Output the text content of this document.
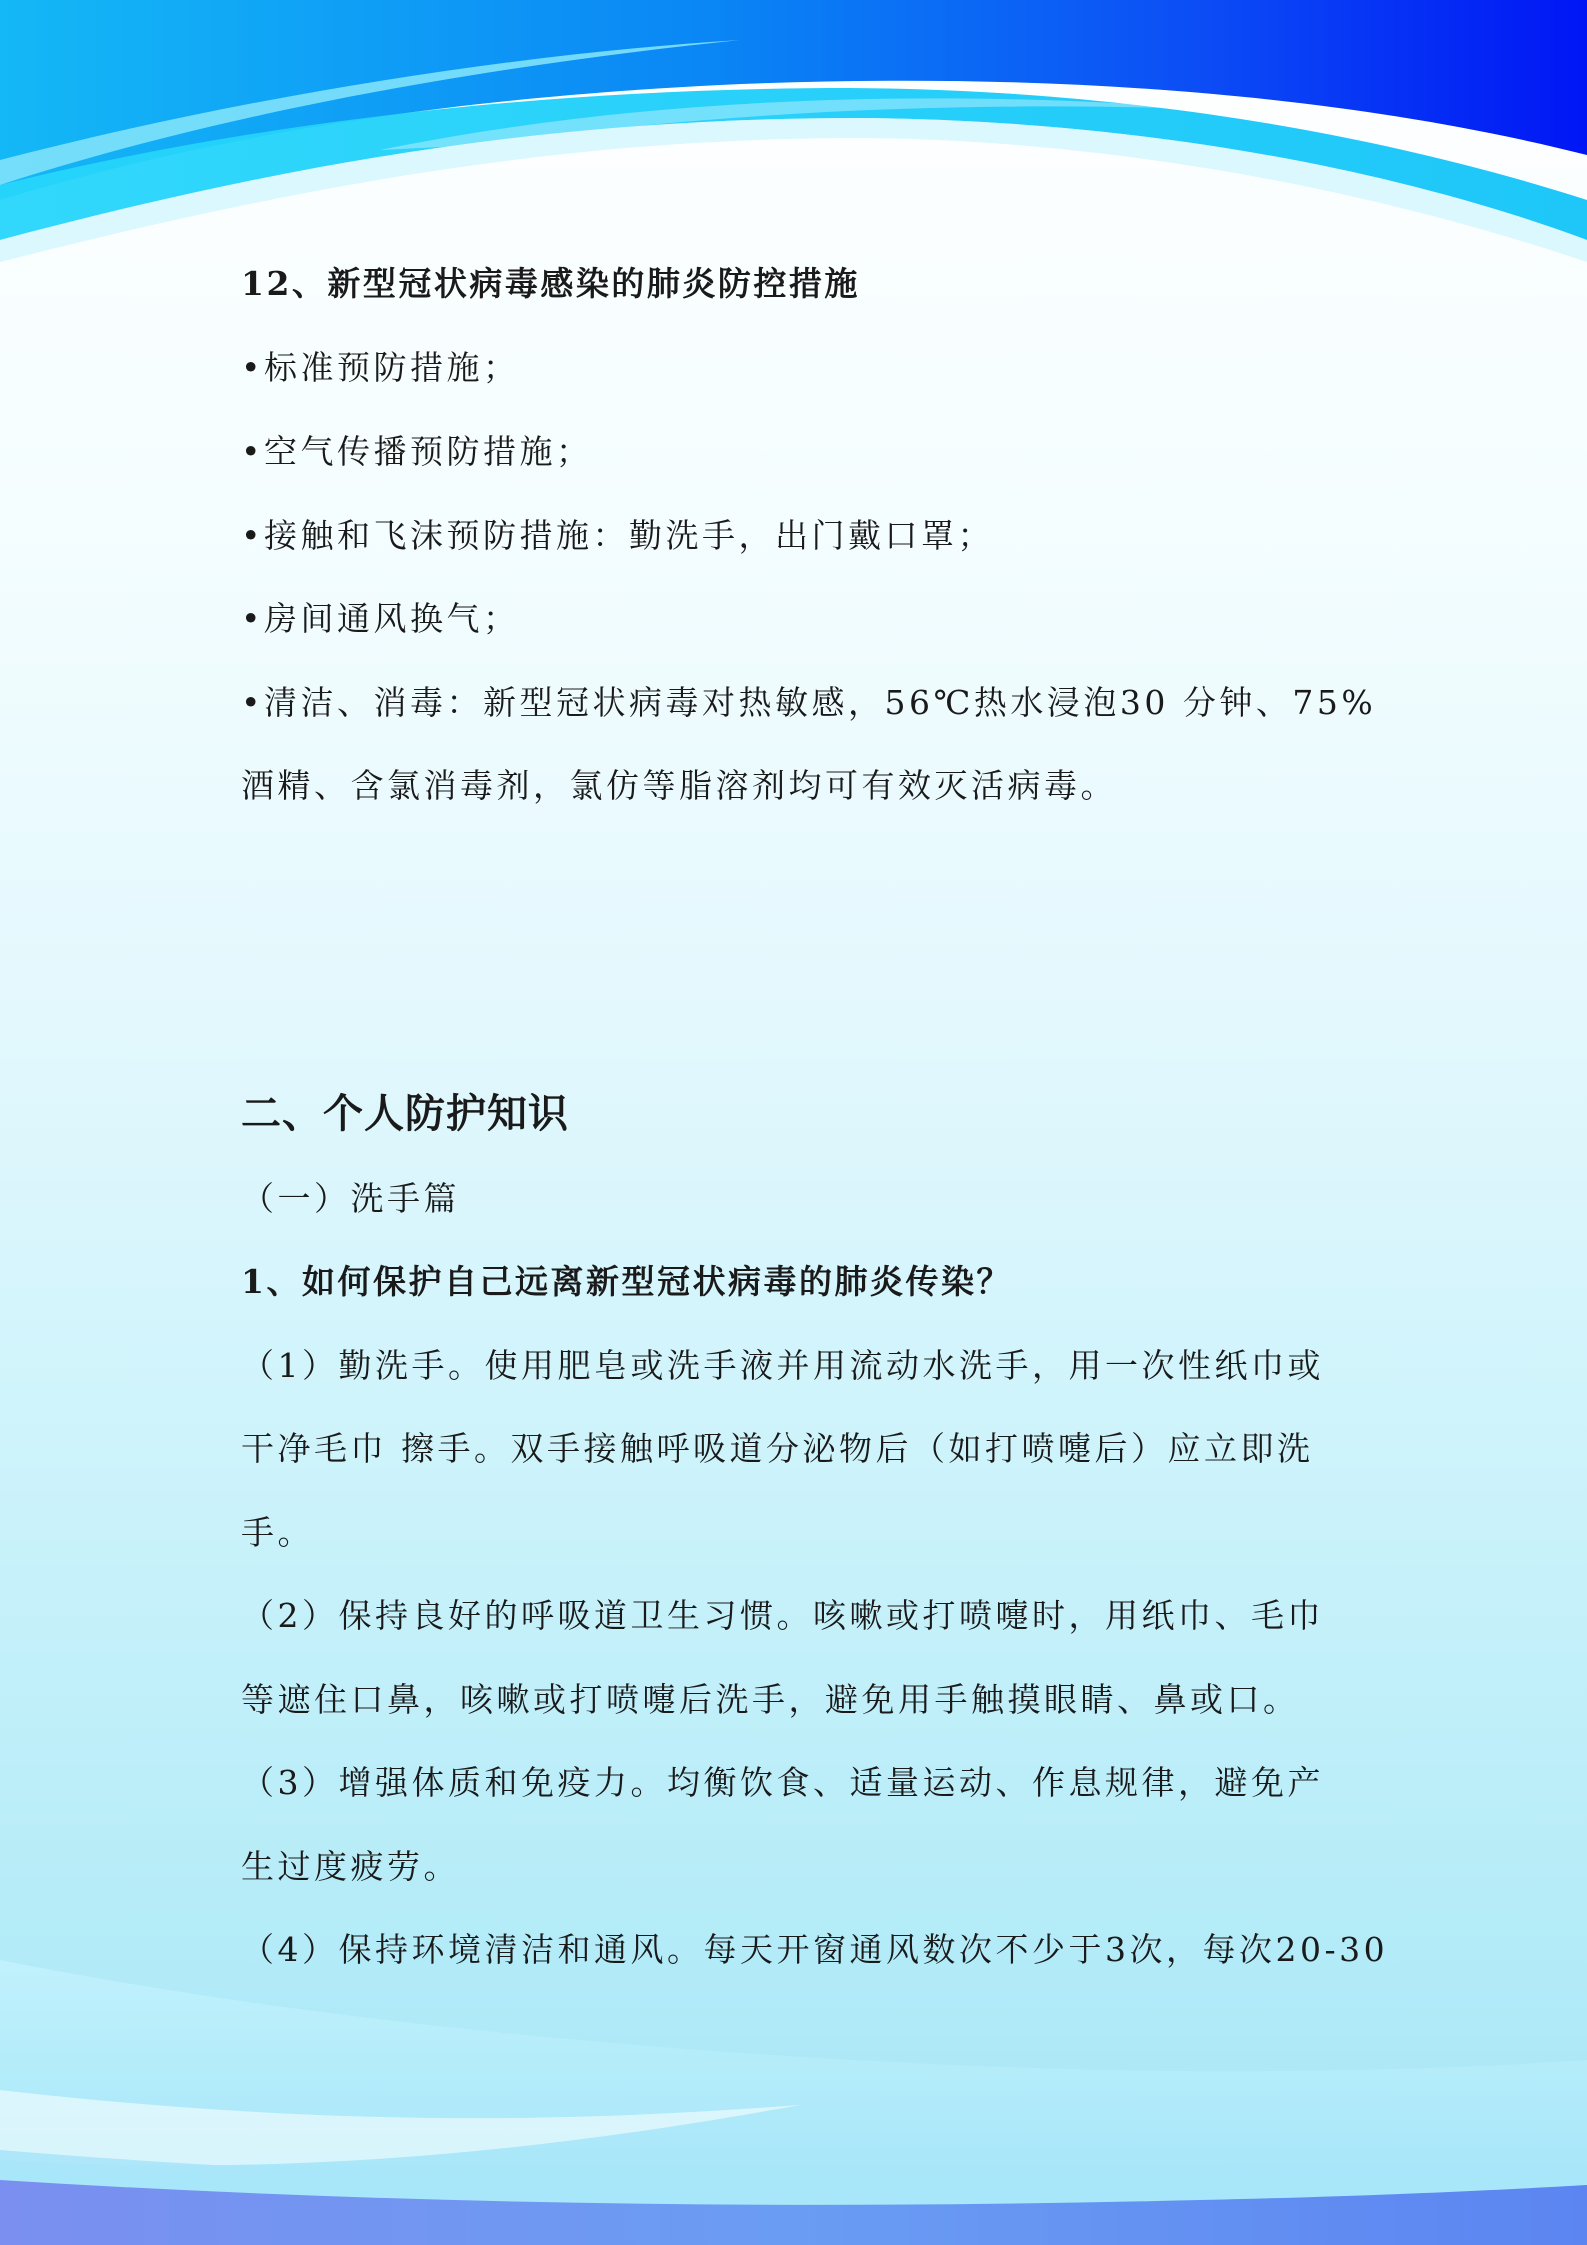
12、新型冠状病毒感染的肺炎防控措施
•标准预防措施；
•空气传播预防措施；
•接触和飞沫预防措施：勤洗手，出门戴口罩；
•房间通风换气；
•清洁、消毒：新型冠状病毒对热敏感，56℃热水浸泡30 分钟、75%
酒精、含氯消毒剂，氯仿等脂溶剂均可有效灭活病毒。
二、个人防护知识
（一）洗手篇
1、如何保护自己远离新型冠状病毒的肺炎传染？
（1）勤洗手。使用肥皂或洗手液并用流动水洗手，用一次性纸巾或
干净毛巾 擦手。双手接触呼吸道分泌物后（如打喷嚏后）应立即洗
手。
（2）保持良好的呼吸道卫生习惯。咳嗽或打喷嚏时，用纸巾、毛巾
等遮住口鼻，咳嗽或打喷嚏后洗手，避免用手触摸眼睛、鼻或口。
（3）增强体质和免疫力。均衡饮食、适量运动、作息规律，避免产
生过度疲劳。
（4）保持环境清洁和通风。每天开窗通风数次不少于3次，每次20-30
